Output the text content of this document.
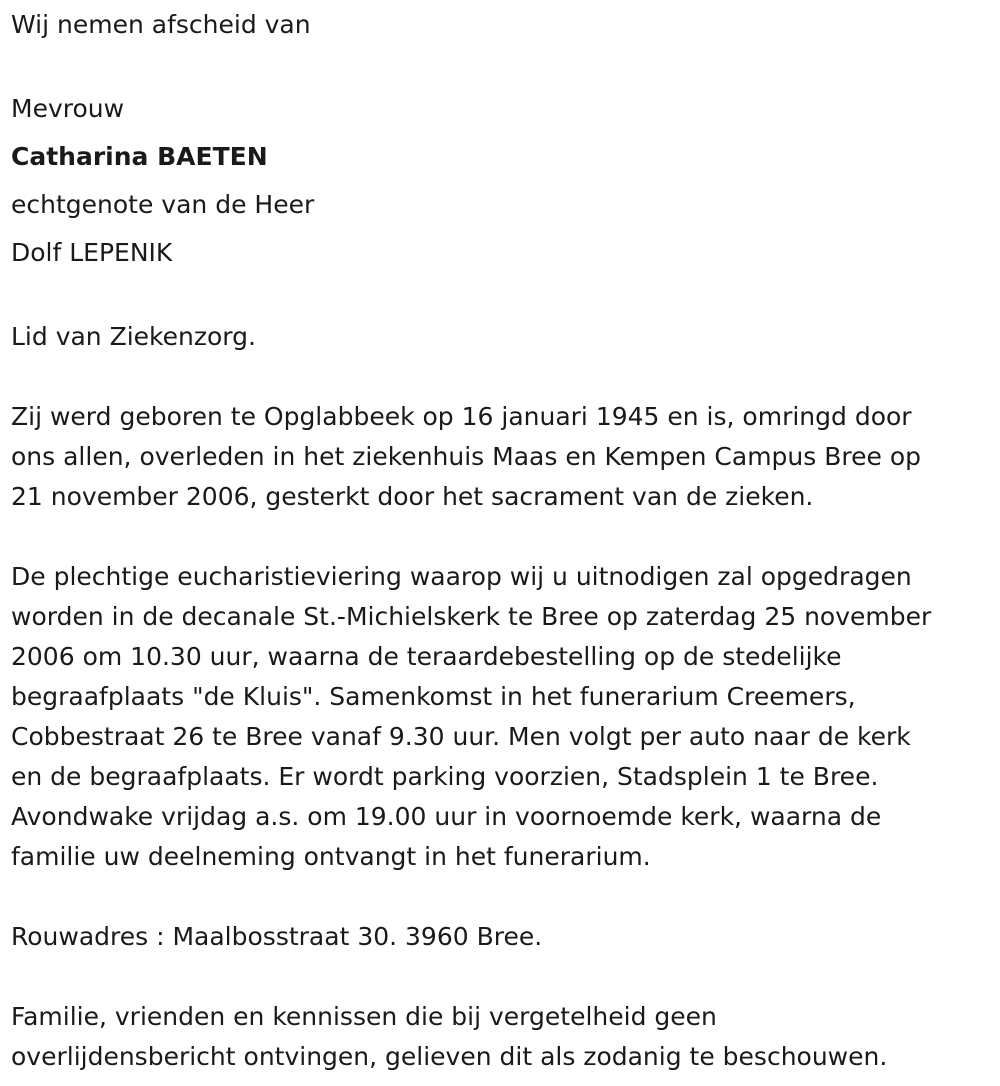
Wij nemen afscheid van

Mevrouw
Catharina BAETEN
echtgenote van de Heer
Dolf LEPENIK

Lid van Ziekenzorg.

Zij werd geboren te Opglabbeek op 16 januari 1945 en is, omringd door
ons allen, overleden in het ziekenhuis Maas en Kempen Campus Bree op
21 november 2006, gesterkt door het sacrament van de zieken.

De plechtige eucharistieviering waarop wij u uitnodigen zal opgedragen
worden in de decanale St.-Michielskerk te Bree op zaterdag 25 november
2006 om 10.30 uur, waarna de teraardebestelling op de stedelijke
begraafplaats "de Kluis". Samenkomst in het funerarium Creemers,
Cobbestraat 26 te Bree vanaf 9.30 uur. Men volgt per auto naar de kerk
en de begraafplaats. Er wordt parking voorzien, Stadsplein 1 te Bree.
Avondwake vrijdag a.s. om 19.00 uur in voornoemde kerk, waarna de
familie uw deelneming ontvangt in het funerarium.

Rouwadres : Maalbosstraat 30. 3960 Bree.

Familie, vrienden en kennissen die bij vergetelheid geen
overlijdensbericht ontvingen, gelieven dit als zodanig te beschouwen.
